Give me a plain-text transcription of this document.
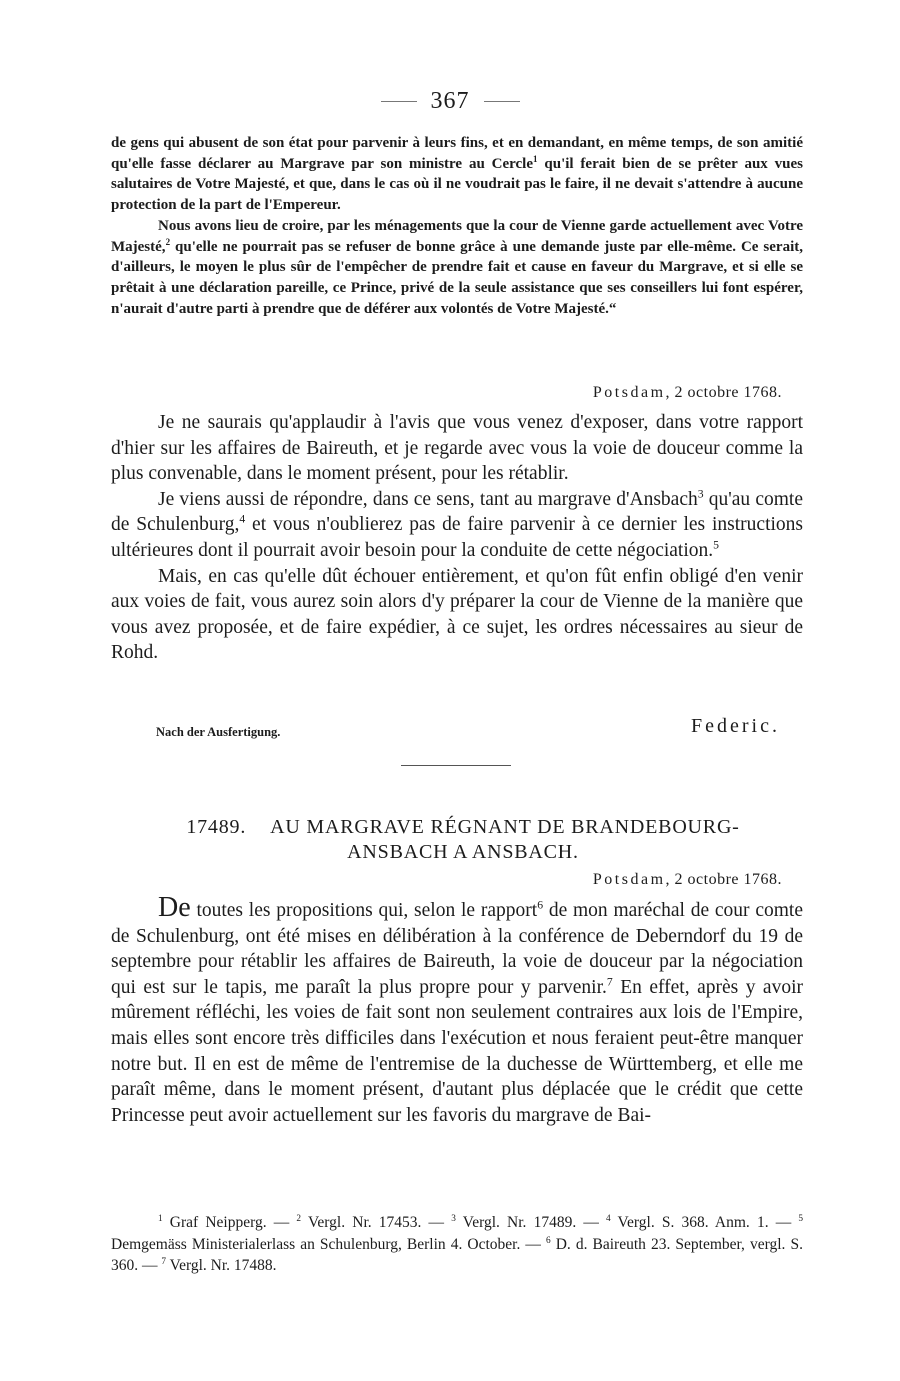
367

de gens qui abusent de son état pour parvenir à leurs fins, et en demandant, en même temps, de son amitié qu'elle fasse déclarer au Margrave par son ministre au Cercle$^1$ qu'il ferait bien de se prêter aux vues salutaires de Votre Majesté, et que, dans le cas où il ne voudrait pas le faire, il ne devait s'attendre à aucune protection de la part de l'Empereur.

Nous avons lieu de croire, par les ménagements que la cour de Vienne garde actuellement avec Votre Majesté,$^2$ qu'elle ne pourrait pas se refuser de bonne grâce à une demande juste par elle-même. Ce serait, d'ailleurs, le moyen le plus sûr de l'empêcher de prendre fait et cause en faveur du Margrave, et si elle se prêtait à une déclaration pareille, ce Prince, privé de la seule assistance que ses conseillers lui font espérer, n'aurait d'autre parti à prendre que de déférer aux volontés de Votre Majesté.“

Potsdam, 2 octobre 1768.

Je ne saurais qu'applaudir à l'avis que vous venez d'exposer, dans votre rapport d'hier sur les affaires de Baireuth, et je regarde avec vous la voie de douceur comme la plus convenable, dans le moment présent, pour les rétablir.

Je viens aussi de répondre, dans ce sens, tant au margrave d'Ansbach$^3$ qu'au comte de Schulenburg,$^4$ et vous n'oublierez pas de faire parvenir à ce dernier les instructions ultérieures dont il pourrait avoir besoin pour la conduite de cette négociation.$^5$

Mais, en cas qu'elle dût échouer entièrement, et qu'on fût enfin obligé d'en venir aux voies de fait, vous aurez soin alors d'y préparer la cour de Vienne de la manière que vous avez proposée, et de faire expédier, à ce sujet, les ordres nécessaires au sieur de Rohd.

Nach der Ausfertigung.	Federic.
17489. AU MARGRAVE RÉGNANT DE BRANDEBOURG-
ANSBACH A ANSBACH.
Potsdam, 2 octobre 1768.

De toutes les propositions qui, selon le rapport$^6$ de mon maréchal de cour comte de Schulenburg, ont été mises en délibération à la conférence de Deberndorf du 19 de septembre pour rétablir les affaires de Baireuth, la voie de douceur par la négociation qui est sur le tapis, me paraît la plus propre pour y parvenir.$^7$ En effet, après y avoir mûrement réfléchi, les voies de fait sont non seulement contraires aux lois de l'Empire, mais elles sont encore très difficiles dans l'exécution et nous feraient peut-être manquer notre but. Il en est de même de l'entremise de la duchesse de Württemberg, et elle me paraît même, dans le moment présent, d'autant plus déplacée que le crédit que cette Princesse peut avoir actuellement sur les favoris du margrave de Bai-

$^1$ Graf Neipperg. — $^2$ Vergl. Nr. 17453. — $^3$ Vergl. Nr. 17489. — $^4$ Vergl. S. 368. Anm. 1. — $^5$ Demgemäss Ministerialerlass an Schulenburg, Berlin 4. October. — $^6$ D. d. Baireuth 23. September, vergl. S. 360. — $^7$ Vergl. Nr. 17488.
